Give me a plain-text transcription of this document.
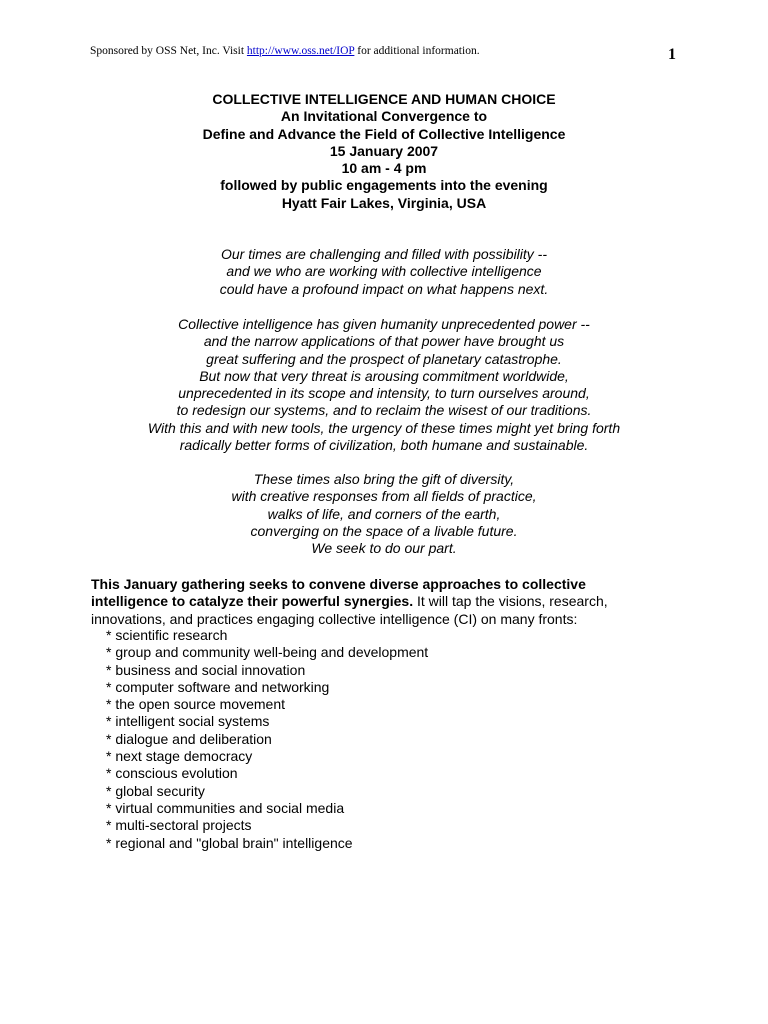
Sponsored by OSS Net, Inc. Visit http://www.oss.net/IOP for additional information.	1
COLLECTIVE INTELLIGENCE AND HUMAN CHOICE
An Invitational Convergence to
Define and Advance the Field of Collective Intelligence
15 January 2007
10 am - 4 pm
followed by public engagements into the evening
Hyatt Fair Lakes, Virginia, USA
Our times are challenging and filled with possibility --
and we who are working with collective intelligence
could have a profound impact on what happens next.
Collective intelligence has given humanity unprecedented power --
and the narrow applications of that power have brought us
great suffering and the prospect of planetary catastrophe.
But now that very threat is arousing commitment worldwide,
unprecedented in its scope and intensity, to turn ourselves around,
to redesign our systems, and to reclaim the wisest of our traditions.
With this and with new tools, the urgency of these times might yet bring forth
radically better forms of civilization, both humane and sustainable.
These times also bring the gift of diversity,
with creative responses from all fields of practice,
walks of life, and corners of the earth,
converging on the space of a livable future.
We seek to do our part.
This January gathering seeks to convene diverse approaches to collective
intelligence to catalyze their powerful synergies. It will tap the visions, research,
innovations, and practices engaging collective intelligence (CI) on many fronts:
* scientific research
* group and community well-being and development
* business and social innovation
* computer software and networking
* the open source movement
* intelligent social systems
* dialogue and deliberation
* next stage democracy
* conscious evolution
* global security
* virtual communities and social media
* multi-sectoral projects
* regional and "global brain" intelligence
